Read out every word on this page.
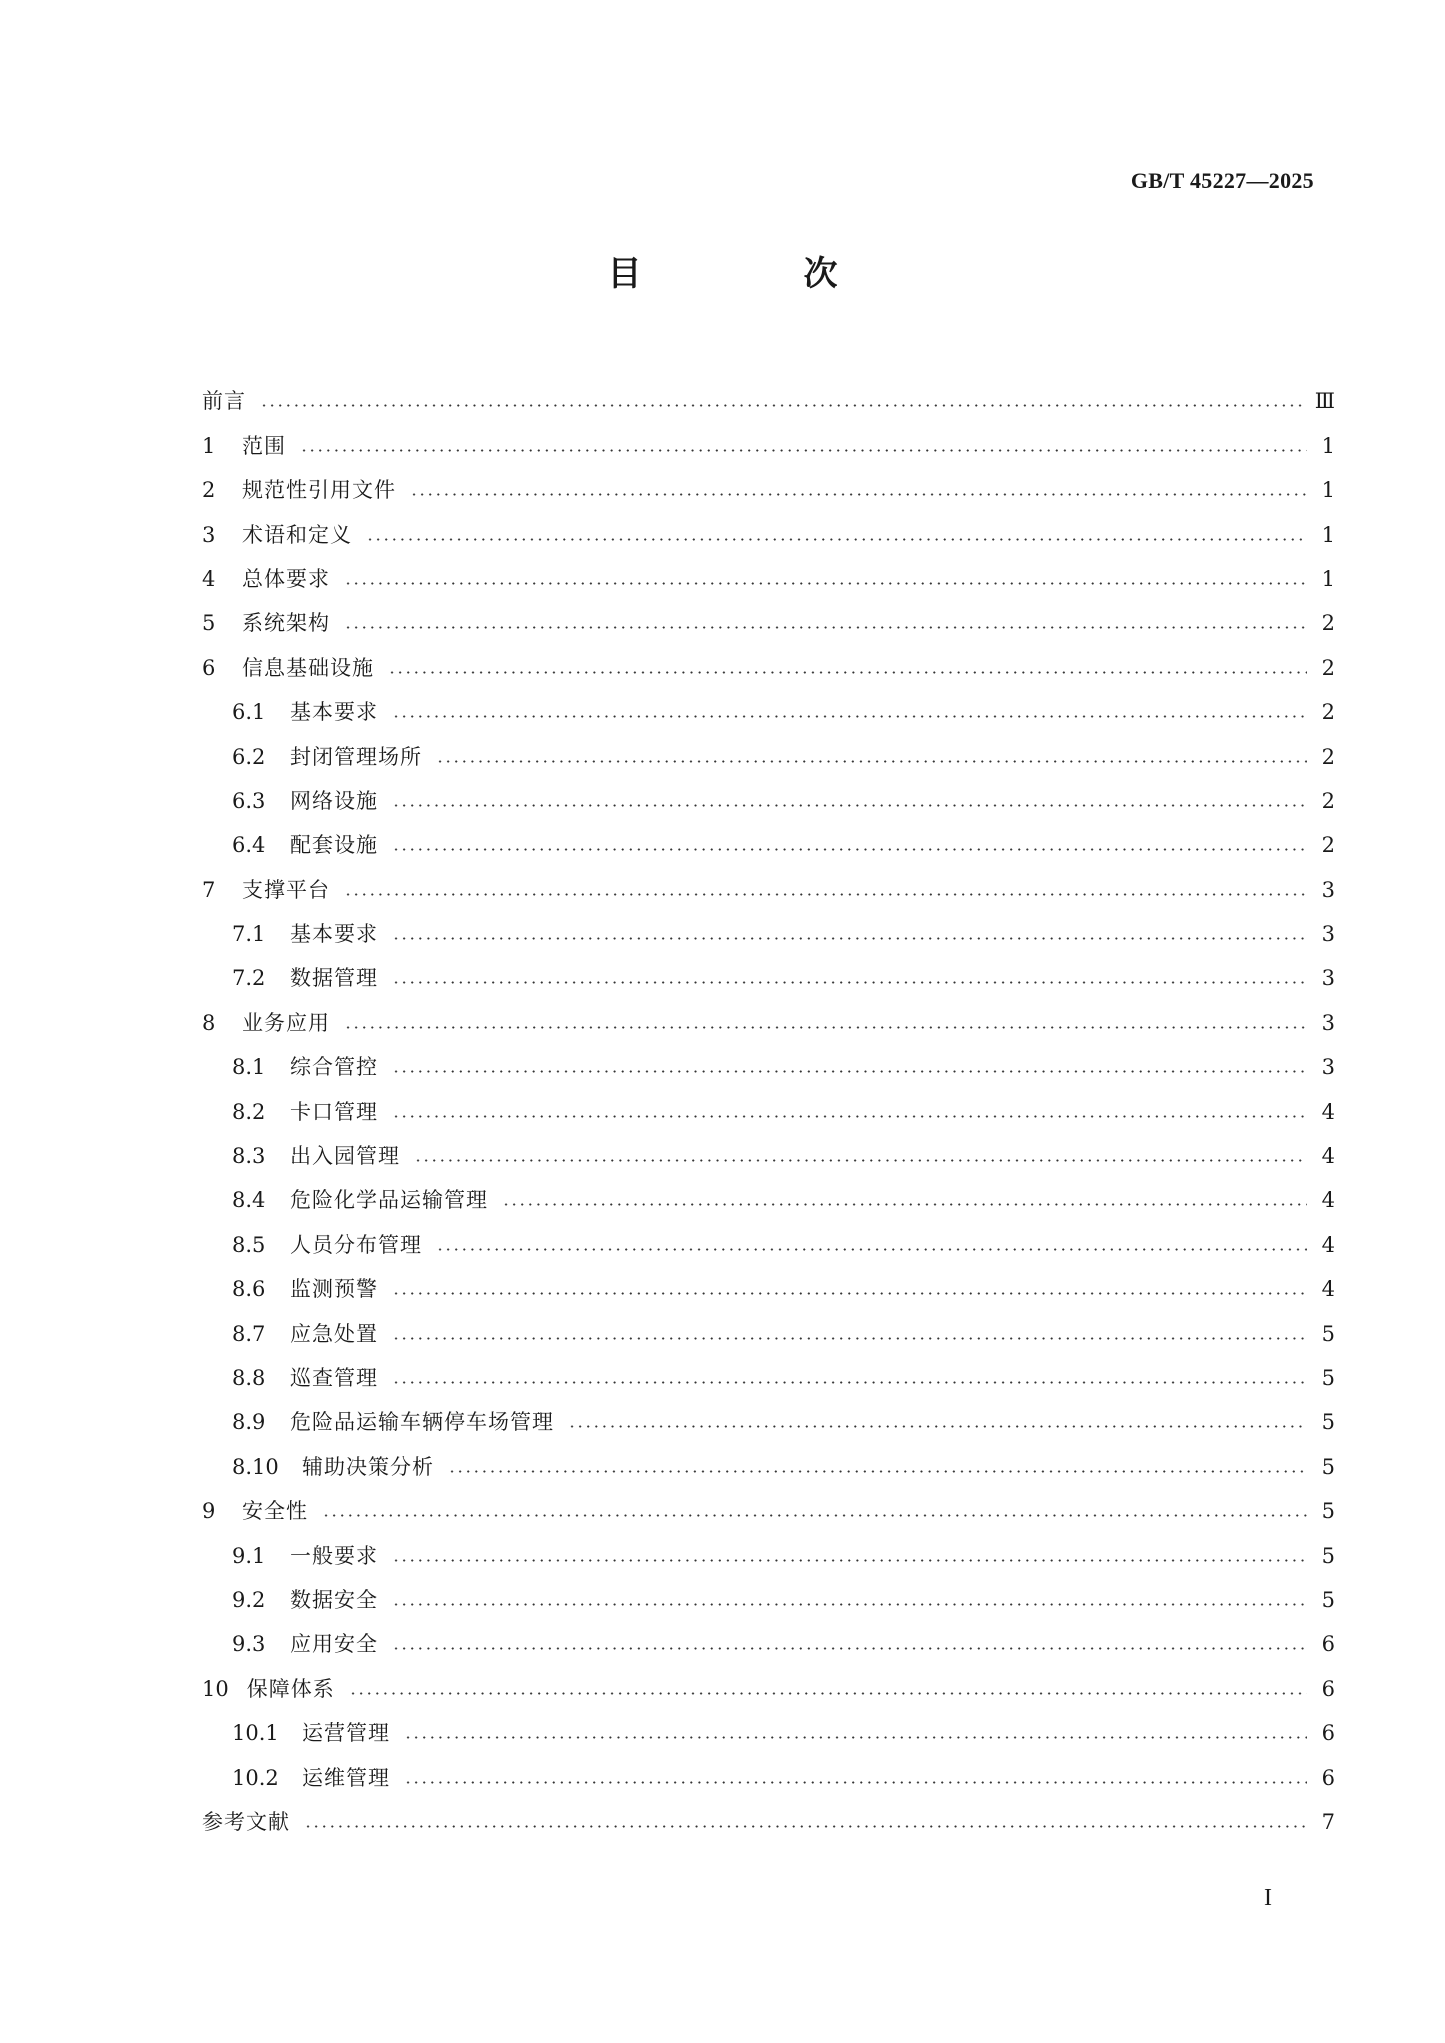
GB/T 45227—2025
目　次
前言	Ⅲ
1	范围	1
2	规范性引用文件	1
3	术语和定义	1
4	总体要求	1
5	系统架构	2
6	信息基础设施	2
6.1	基本要求	2
6.2	封闭管理场所	2
6.3	网络设施	2
6.4	配套设施	2
7	支撑平台	3
7.1	基本要求	3
7.2	数据管理	3
8	业务应用	3
8.1	综合管控	3
8.2	卡口管理	4
8.3	出入园管理	4
8.4	危险化学品运输管理	4
8.5	人员分布管理	4
8.6	监测预警	4
8.7	应急处置	5
8.8	巡查管理	5
8.9	危险品运输车辆停车场管理	5
8.10 辅助决策分析	5
9	安全性	5
9.1	一般要求	5
9.2	数据安全	5
9.3	应用安全	6
10 保障体系	6
10.1 运营管理	6
10.2 运维管理	6
参考文献	7
I
